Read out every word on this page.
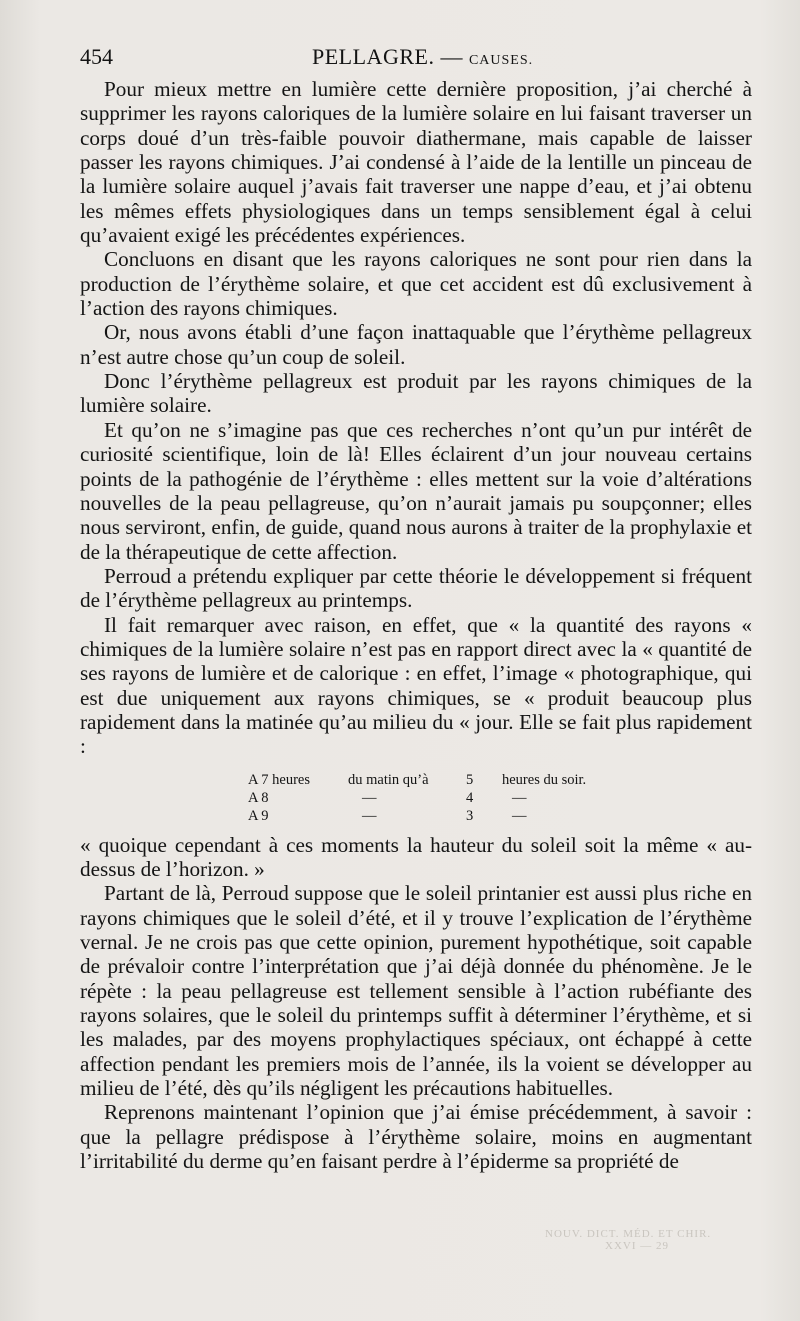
454	PELLAGRE. — CAUSES.

Pour mieux mettre en lumière cette dernière proposition, j’ai cherché à supprimer les rayons caloriques de la lumière solaire en lui faisant traverser un corps doué d’un très-faible pouvoir diathermane, mais capable de laisser passer les rayons chimiques. J’ai condensé à l’aide de la lentille un pinceau de la lumière solaire auquel j’avais fait traverser une nappe d’eau, et j’ai obtenu les mêmes effets physiologiques dans un temps sensiblement égal à celui qu’avaient exigé les précédentes expériences.

Concluons en disant que les rayons caloriques ne sont pour rien dans la production de l’érythème solaire, et que cet accident est dû exclusivement à l’action des rayons chimiques.

Or, nous avons établi d’une façon inattaquable que l’érythème pellagreux n’est autre chose qu’un coup de soleil.

Donc l’érythème pellagreux est produit par les rayons chimiques de la lumière solaire.

Et qu’on ne s’imagine pas que ces recherches n’ont qu’un pur intérêt de curiosité scientifique, loin de là! Elles éclairent d’un jour nouveau certains points de la pathogénie de l’érythème : elles mettent sur la voie d’altérations nouvelles de la peau pellagreuse, qu’on n’aurait jamais pu soupçonner; elles nous serviront, enfin, de guide, quand nous aurons à traiter de la prophylaxie et de la thérapeutique de cette affection.

Perroud a prétendu expliquer par cette théorie le développement si fréquent de l’érythème pellagreux au printemps.

Il fait remarquer avec raison, en effet, que « la quantité des rayons « chimiques de la lumière solaire n’est pas en rapport direct avec la « quantité de ses rayons de lumière et de calorique : en effet, l’image « photographique, qui est due uniquement aux rayons chimiques, se « produit beaucoup plus rapidement dans la matinée qu’au milieu du « jour. Elle se fait plus rapidement :

A 7 heures	du matin qu’à	5	heures du soir.
A 8	—	4	—
A 9	—	3	—

« quoique cependant à ces moments la hauteur du soleil soit la même « au-dessus de l’horizon. »

Partant de là, Perroud suppose que le soleil printanier est aussi plus riche en rayons chimiques que le soleil d’été, et il y trouve l’explication de l’érythème vernal. Je ne crois pas que cette opinion, purement hypothétique, soit capable de prévaloir contre l’interprétation que j’ai déjà donnée du phénomène. Je le répète : la peau pellagreuse est tellement sensible à l’action rubéfiante des rayons solaires, que le soleil du printemps suffit à déterminer l’érythème, et si les malades, par des moyens prophylactiques spéciaux, ont échappé à cette affection pendant les premiers mois de l’année, ils la voient se développer au milieu de l’été, dès qu’ils négligent les précautions habituelles.

Reprenons maintenant l’opinion que j’ai émise précédemment, à savoir : que la pellagre prédispose à l’érythème solaire, moins en augmentant l’irritabilité du derme qu’en faisant perdre à l’épiderme sa propriété de

NOUV. DICT. MÉD. ET CHIR. XXVI — 29
